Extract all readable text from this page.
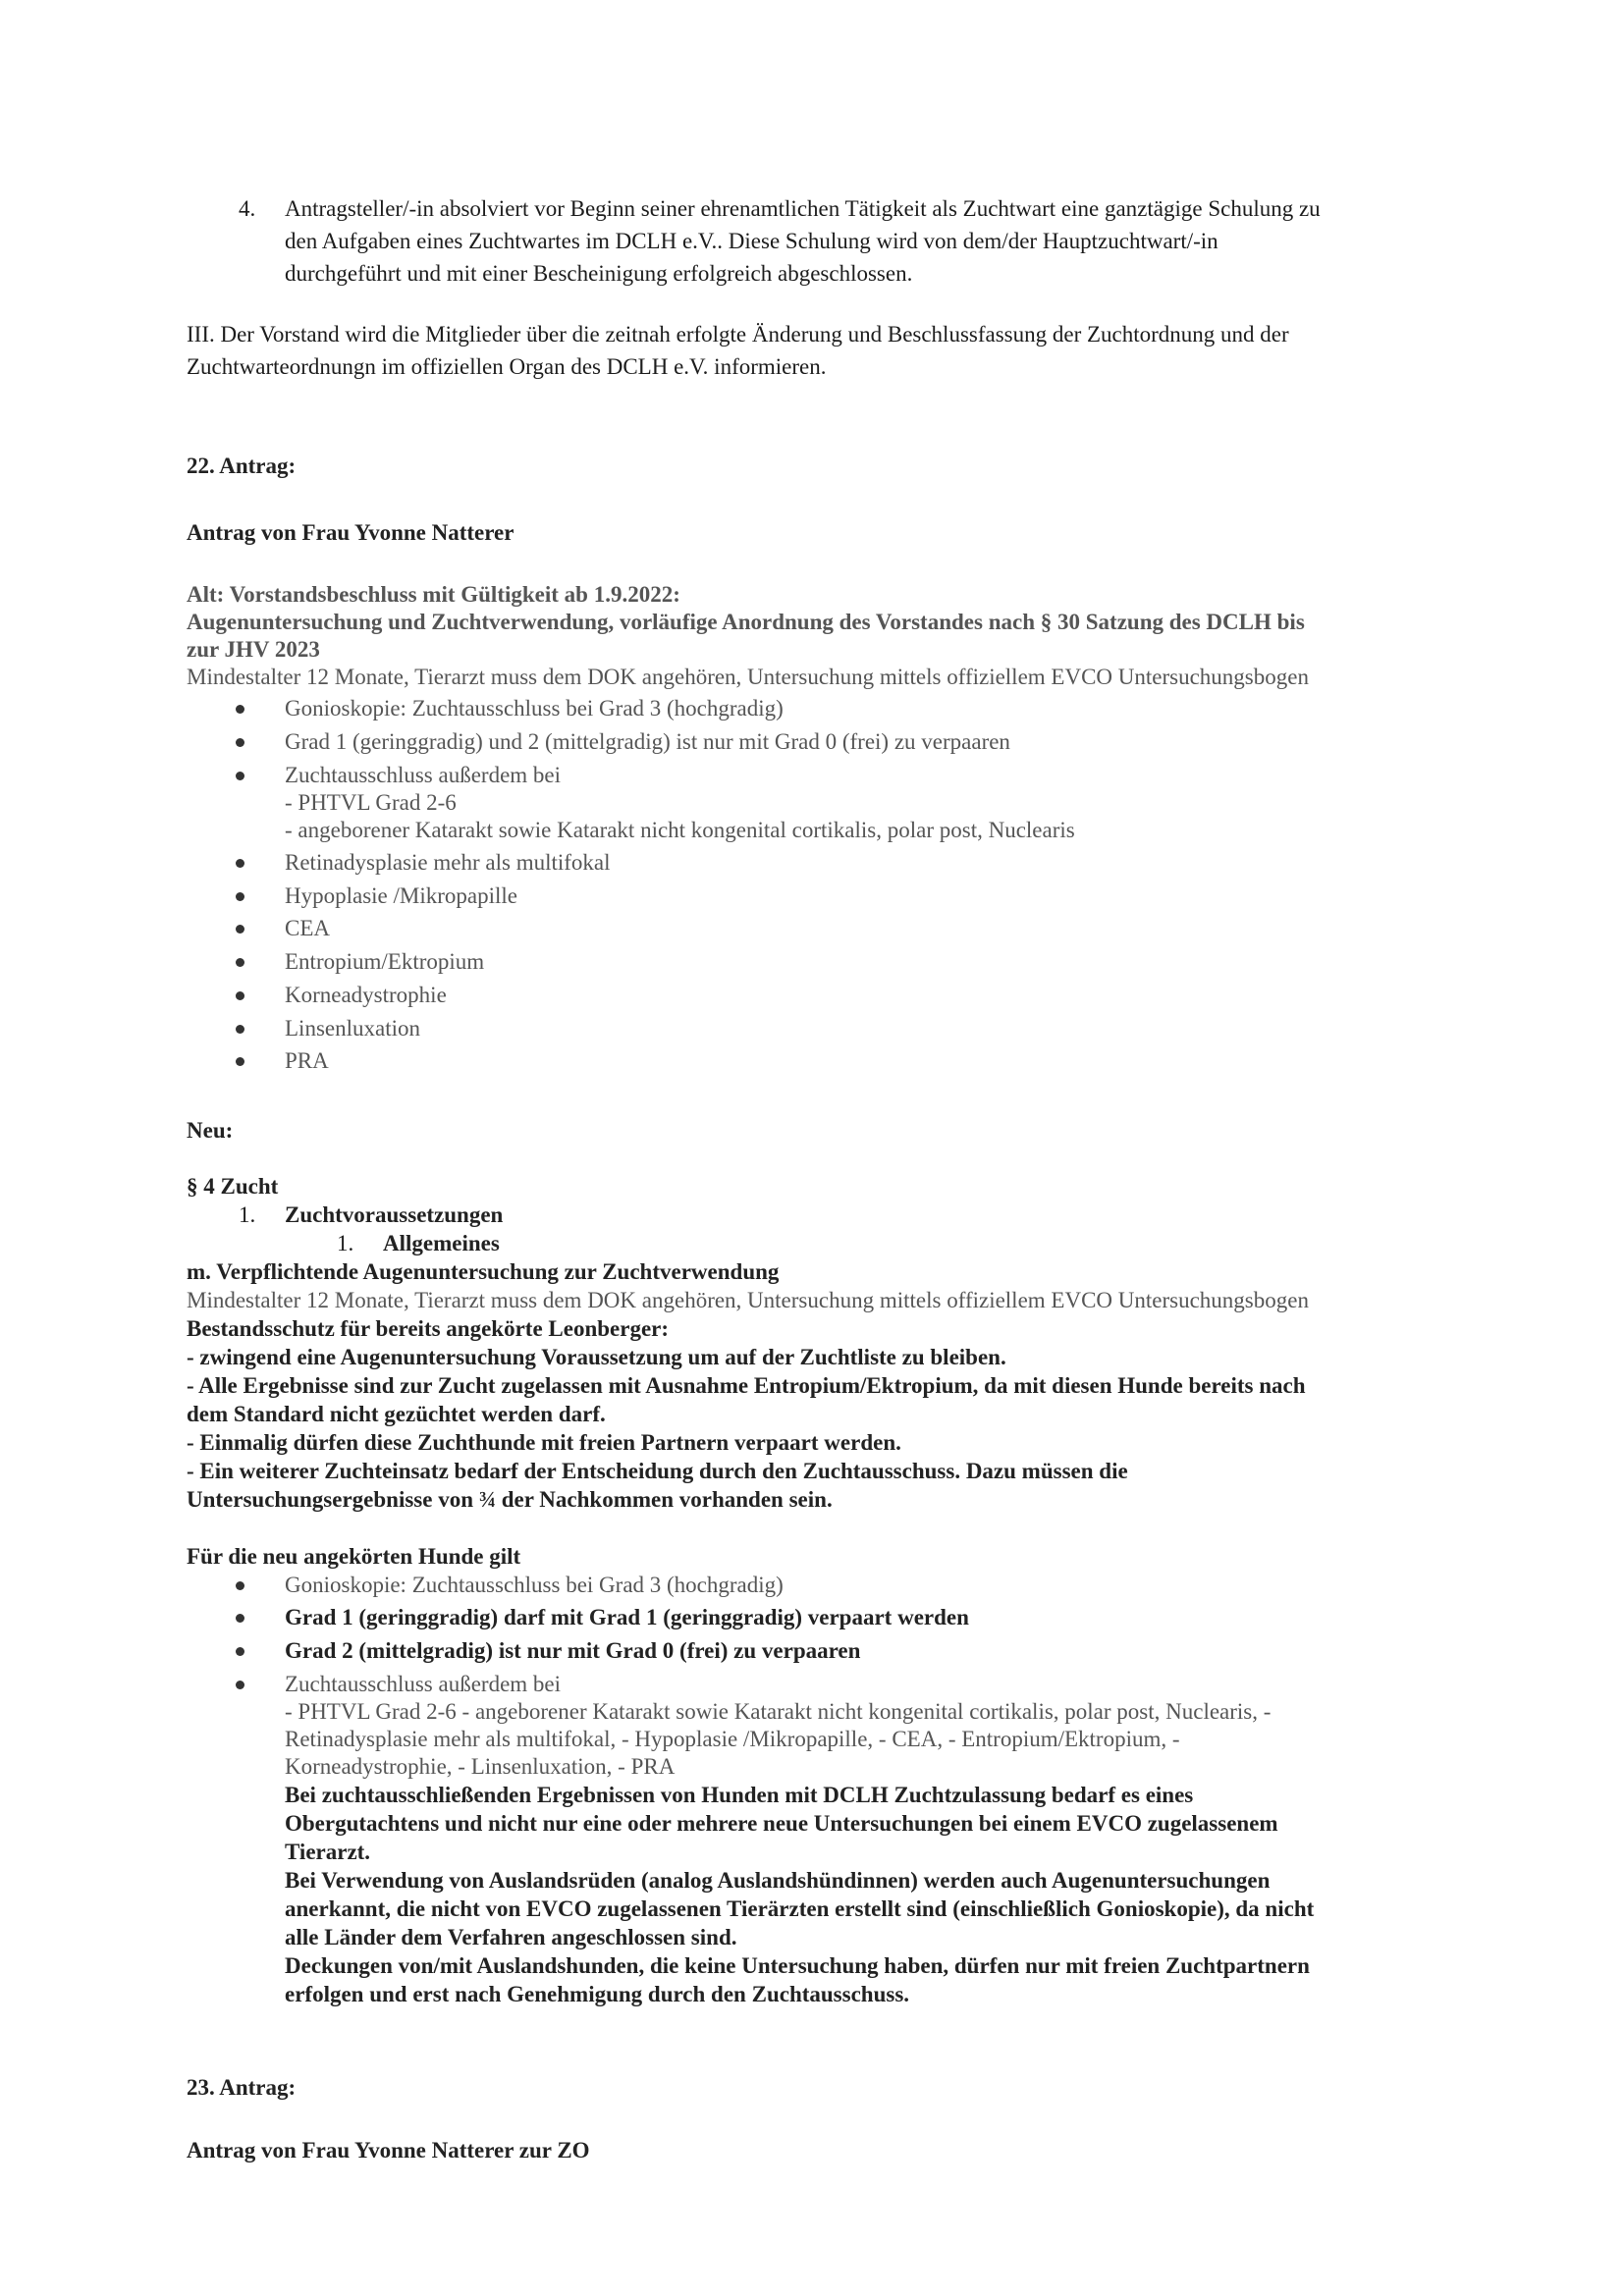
4. Antragsteller/-in absolviert vor Beginn seiner ehrenamtlichen Tätigkeit als Zuchtwart eine ganztägige Schulung zu
den Aufgaben eines Zuchtwartes im DCLH e.V.. Diese Schulung wird von dem/der Hauptzuchtwart/-in
durchgeführt und mit einer Bescheinigung erfolgreich abgeschlossen.
III. Der Vorstand wird die Mitglieder über die zeitnah erfolgte Änderung und Beschlussfassung der Zuchtordnung und der
Zuchtwarteordnungn im offiziellen Organ des DCLH e.V. informieren.
22. Antrag:
Antrag von Frau Yvonne Natterer
Alt: Vorstandsbeschluss mit Gültigkeit ab 1.9.2022:
Augenuntersuchung und Zuchtverwendung, vorläufige Anordnung des Vorstandes nach § 30 Satzung des DCLH bis
zur JHV 2023
Mindestalter 12 Monate, Tierarzt muss dem DOK angehören, Untersuchung mittels offiziellem EVCO Untersuchungsbogen
Gonioskopie: Zuchtausschluss bei Grad 3 (hochgradig)
Grad 1 (geringgradig) und 2 (mittelgradig) ist nur mit Grad 0 (frei) zu verpaaren
Zuchtausschluss außerdem bei
- PHTVL Grad 2-6
- angeborener Katarakt sowie Katarakt nicht kongenital cortikalis, polar post, Nuclearis
Retinadysplasie mehr als multifokal
Hypoplasie /Mikropapille
CEA
Entropium/Ektropium
Korneadystrophie
Linsenluxation
PRA
Neu:
§ 4 Zucht
1. Zuchtvoraussetzungen
1. Allgemeines
m. Verpflichtende Augenuntersuchung zur Zuchtverwendung
Mindestalter 12 Monate, Tierarzt muss dem DOK angehören, Untersuchung mittels offiziellem EVCO Untersuchungsbogen
Bestandsschutz für bereits angekörte Leonberger:
- zwingend eine Augenuntersuchung Voraussetzung um auf der Zuchtliste zu bleiben.
- Alle Ergebnisse sind zur Zucht zugelassen mit Ausnahme Entropium/Ektropium, da mit diesen Hunde bereits nach
dem Standard nicht gezüchtet werden darf.
- Einmalig dürfen diese Zuchthunde mit freien Partnern verpaart werden.
- Ein weiterer Zuchteinsatz bedarf der Entscheidung durch den Zuchtausschuss. Dazu müssen die
Untersuchungsergebnisse von ¾ der Nachkommen vorhanden sein.
Für die neu angekörten Hunde gilt
Gonioskopie: Zuchtausschluss bei Grad 3 (hochgradig)
Grad 1 (geringgradig) darf mit Grad 1 (geringgradig) verpaart werden
Grad 2 (mittelgradig) ist nur mit Grad 0 (frei) zu verpaaren
Zuchtausschluss außerdem bei
- PHTVL Grad 2-6 - angeborener Katarakt sowie Katarakt nicht kongenital cortikalis, polar post, Nuclearis, -
Retinadysplasie mehr als multifokal, - Hypoplasie /Mikropapille, - CEA, - Entropium/Ektropium, -
Korneadystrophie, - Linsenluxation, - PRA
Bei zuchtausschließenden Ergebnissen von Hunden mit DCLH Zuchtzulassung bedarf es eines
Obergutachtens und nicht nur eine oder mehrere neue Untersuchungen bei einem EVCO zugelassenem
Tierarzt.
Bei Verwendung von Auslandsrüden (analog Auslandshündinnen) werden auch Augenuntersuchungen
anerkannt, die nicht von EVCO zugelassenen Tierärzten erstellt sind (einschließlich Gonioskopie), da nicht
alle Länder dem Verfahren angeschlossen sind.
Deckungen von/mit Auslandshunden, die keine Untersuchung haben, dürfen nur mit freien Zuchtpartnern
erfolgen und erst nach Genehmigung durch den Zuchtausschuss.
23. Antrag:
Antrag von Frau Yvonne Natterer zur ZO
